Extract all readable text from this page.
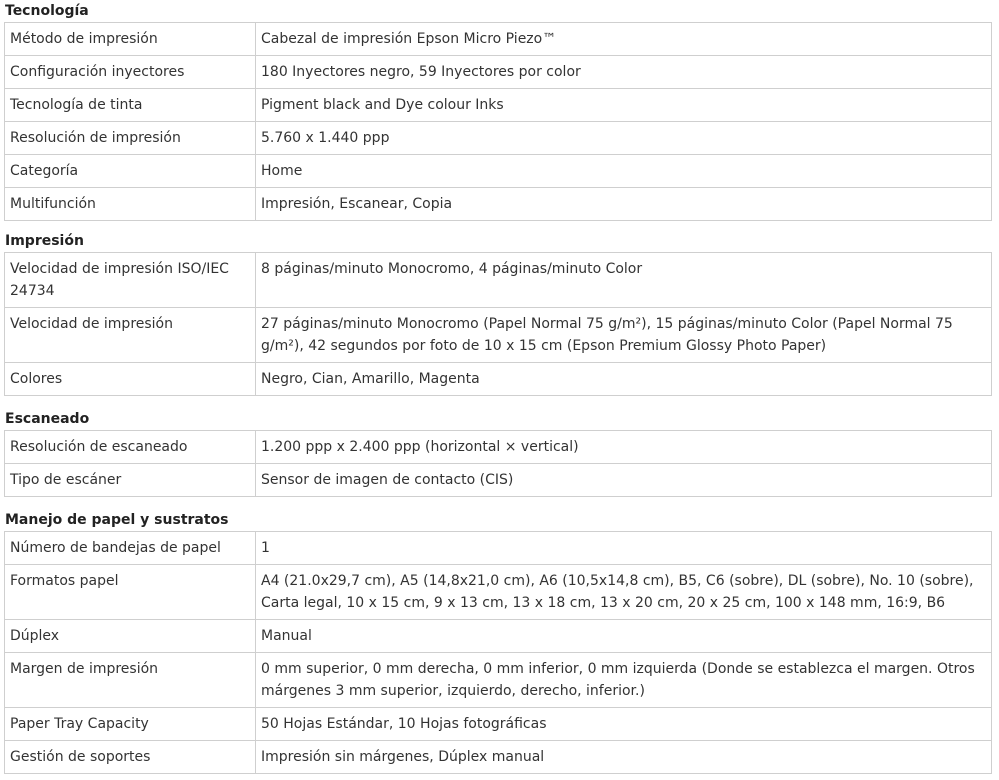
Tecnología
Método de impresión	Cabezal de impresión Epson Micro Piezo™
Configuración inyectores	180 Inyectores negro, 59 Inyectores por color
Tecnología de tinta	Pigment black and Dye colour Inks
Resolución de impresión	5.760 x 1.440 ppp
Categoría	Home
Multifunción	Impresión, Escanear, Copia
Impresión
Velocidad de impresión ISO/IEC 24734	8 páginas/minuto Monocromo, 4 páginas/minuto Color
Velocidad de impresión	27 páginas/minuto Monocromo (Papel Normal 75 g/m²), 15 páginas/minuto Color (Papel Normal 75 g/m²), 42 segundos por foto de 10 x 15 cm (Epson Premium Glossy Photo Paper)
Colores	Negro, Cian, Amarillo, Magenta
Escaneado
Resolución de escaneado	1.200 ppp x 2.400 ppp (horizontal × vertical)
Tipo de escáner	Sensor de imagen de contacto (CIS)
Manejo de papel y sustratos
Número de bandejas de papel	1
Formatos papel	A4 (21.0x29,7 cm), A5 (14,8x21,0 cm), A6 (10,5x14,8 cm), B5, C6 (sobre), DL (sobre), No. 10 (sobre), Carta legal, 10 x 15 cm, 9 x 13 cm, 13 x 18 cm, 13 x 20 cm, 20 x 25 cm, 100 x 148 mm, 16:9, B6
Dúplex	Manual
Margen de impresión	0 mm superior, 0 mm derecha, 0 mm inferior, 0 mm izquierda (Donde se establezca el margen. Otros márgenes 3 mm superior, izquierdo, derecho, inferior.)
Paper Tray Capacity	50 Hojas Estándar, 10 Hojas fotográficas
Gestión de soportes	Impresión sin márgenes, Dúplex manual
